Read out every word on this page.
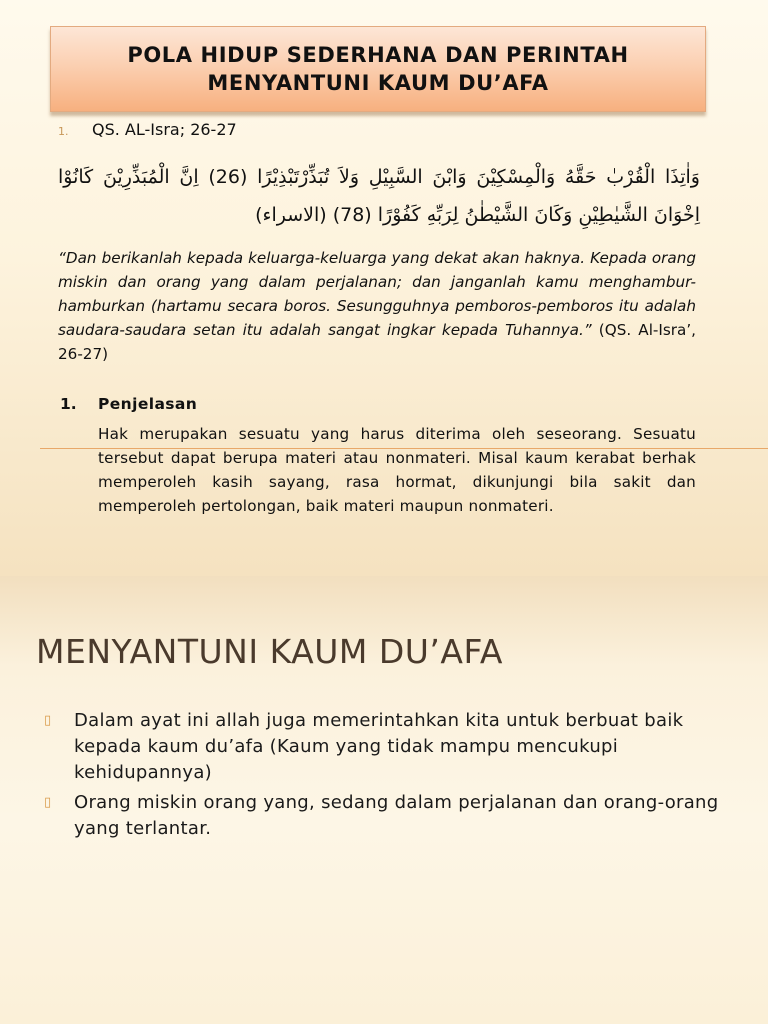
POLA HIDUP SEDERHANA DAN PERINTAH MENYANTUNI KAUM DU’AFA
1.	QS. AL-Isra; 26-27
وَاٰتِذَا الْقُرْبٰ حَقَّهُ وَالْمِسْكِيْنَ وَابْنَ السَّبِيْلِ وَلاَ تُبَذِّرْتَبْذِيْرًا (26) اِنَّ الْمُبَذِّرِيْنَ كَانُوْا اِخْوَانَ الشَّيٰطِيْنِ وَكَانَ الشَّيْطٰنُ لِرَبِّهِ كَفُوْرًا (78) (الاسراء)
“Dan berikanlah kepada keluarga-keluarga yang dekat akan haknya. Kepada orang miskin dan orang yang dalam perjalanan; dan janganlah kamu menghambur-hamburkan (hartamu secara boros. Sesungguhnya pemboros-pemboros itu adalah saudara-saudara setan itu adalah sangat ingkar kepada Tuhannya.” (QS. Al-Isra’, 26-27)
1.	Penjelasan
Hak merupakan sesuatu yang harus diterima oleh seseorang. Sesuatu tersebut dapat berupa materi atau nonmateri. Misal kaum kerabat berhak memperoleh kasih sayang, rasa hormat, dikunjungi bila sakit dan memperoleh pertolongan, baik materi maupun nonmateri.
MENYANTUNI KAUM DU’AFA
▯	Dalam ayat ini allah juga memerintahkan kita untuk berbuat baik kepada kaum du’afa (Kaum yang tidak mampu mencukupi kehidupannya)
▯	Orang miskin orang yang, sedang dalam perjalanan dan orang-orang yang terlantar.
